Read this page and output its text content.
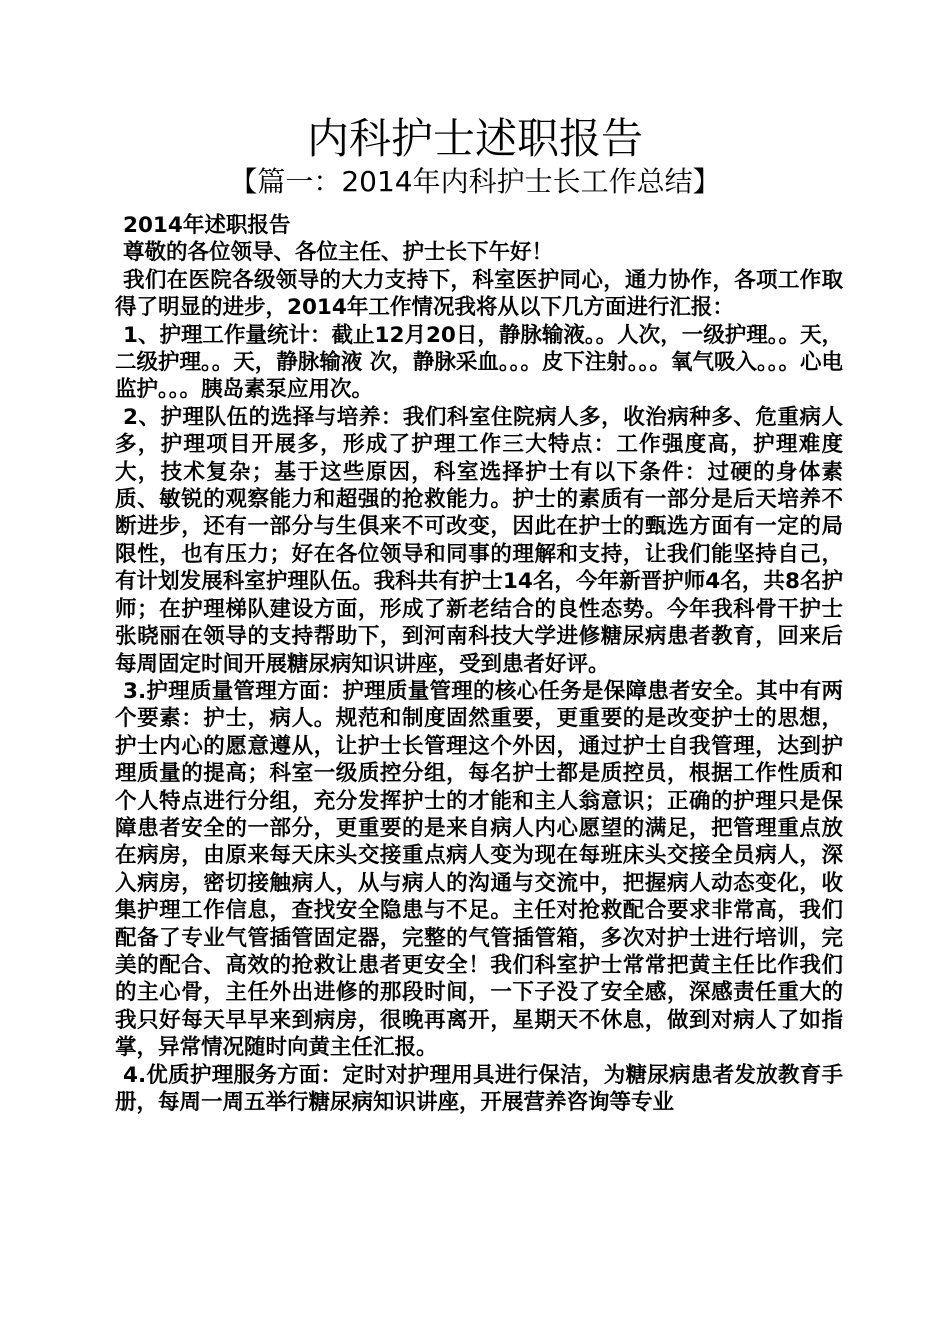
内科护士述职报告
【篇一：2014年内科护士长工作总结】

2014年述职报告

尊敬的各位领导、各位主任、护士长下午好！

我们在医院各级领导的大力支持下，科室医护同心，通力协作，各项工作取得了明显的进步，2014年工作情况我将从以下几方面进行汇报：

1、护理工作量统计：截止12月20日，静脉输液。。人次，一级护理。。天，二级护理。。天，静脉输液 次，静脉采血。。。皮下注射。。。氧气吸入。。。心电监护。。。胰岛素泵应用次。

2、护理队伍的选择与培养：我们科室住院病人多，收治病种多、危重病人多，护理项目开展多，形成了护理工作三大特点：工作强度高，护理难度大，技术复杂；基于这些原因，科室选择护士有以下条件：过硬的身体素质、敏锐的观察能力和超强的抢救能力。护士的素质有一部分是后天培养不断进步，还有一部分与生俱来不可改变，因此在护士的甄选方面有一定的局限性，也有压力；好在各位领导和同事的理解和支持，让我们能坚持自己，有计划发展科室护理队伍。我科共有护士14名，今年新晋护师4名，共8名护师；在护理梯队建设方面，形成了新老结合的良性态势。今年我科骨干护士张晓丽在领导的支持帮助下，到河南科技大学进修糖尿病患者教育，回来后每周固定时间开展糖尿病知识讲座，受到患者好评。

3.护理质量管理方面：护理质量管理的核心任务是保障患者安全。其中有两个要素：护士，病人。规范和制度固然重要，更重要的是改变护士的思想，护士内心的愿意遵从，让护士长管理这个外因，通过护士自我管理，达到护理质量的提高；科室一级质控分组，每名护士都是质控员，根据工作性质和个人特点进行分组，充分发挥护士的才能和主人翁意识；正确的护理只是保障患者安全的一部分，更重要的是来自病人内心愿望的满足，把管理重点放在病房，由原来每天床头交接重点病人变为现在每班床头交接全员病人，深入病房，密切接触病人，从与病人的沟通与交流中，把握病人动态变化，收集护理工作信息，查找安全隐患与不足。主任对抢救配合要求非常高，我们配备了专业气管插管固定器，完整的气管插管箱，多次对护士进行培训，完美的配合、高效的抢救让患者更安全！我们科室护士常常把黄主任比作我们的主心骨，主任外出进修的那段时间，一下子没了安全感，深感责任重大的我只好每天早早来到病房，很晚再离开，星期天不休息，做到对病人了如指掌，异常情况随时向黄主任汇报。

4.优质护理服务方面：定时对护理用具进行保洁，为糖尿病患者发放教育手册，每周一周五举行糖尿病知识讲座，开展营养咨询等专业
